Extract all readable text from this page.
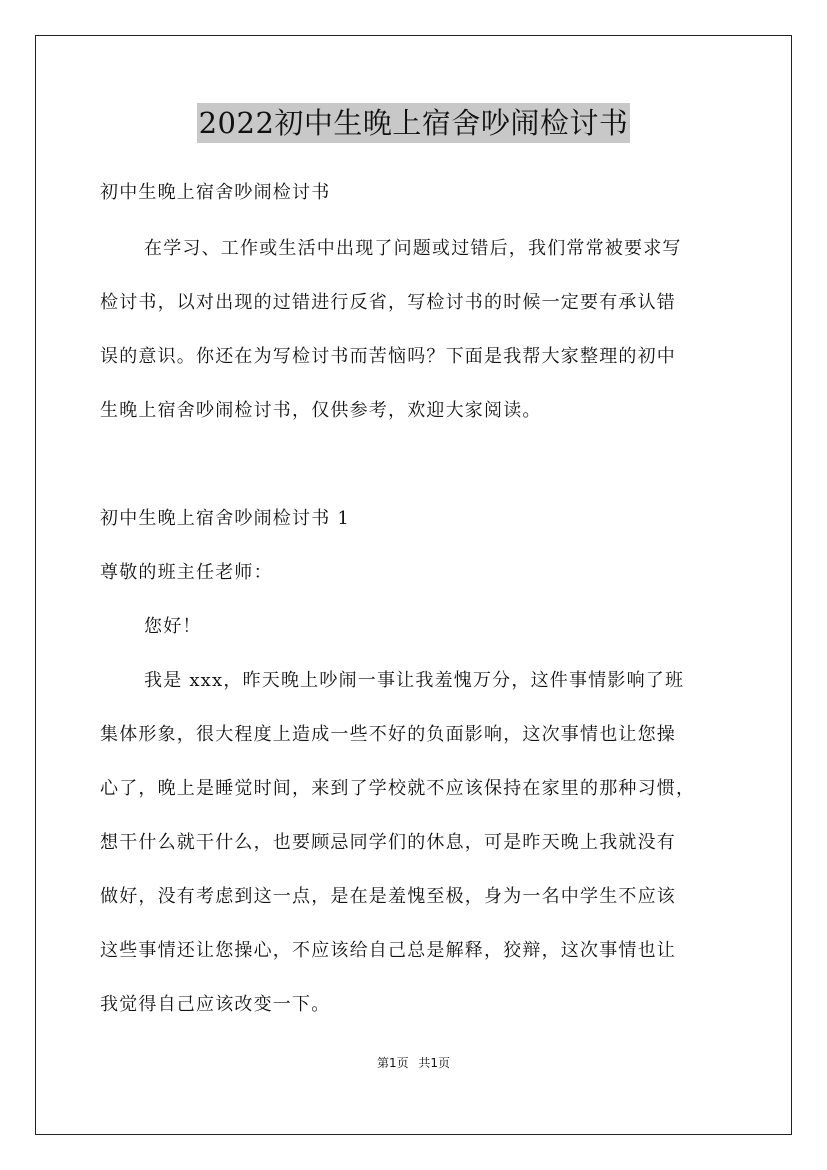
2022初中生晚上宿舍吵闹检讨书
初中生晚上宿舍吵闹检讨书
在学习、工作或生活中出现了问题或过错后，我们常常被要求写
检讨书，以对出现的过错进行反省，写检讨书的时候一定要有承认错
误的意识。你还在为写检讨书而苦恼吗？下面是我帮大家整理的初中
生晚上宿舍吵闹检讨书，仅供参考，欢迎大家阅读。
初中生晚上宿舍吵闹检讨书 1
尊敬的班主任老师：
您好！
我是 xxx，昨天晚上吵闹一事让我羞愧万分，这件事情影响了班
集体形象，很大程度上造成一些不好的负面影响，这次事情也让您操
心了，晚上是睡觉时间，来到了学校就不应该保持在家里的那种习惯，
想干什么就干什么，也要顾忌同学们的休息，可是昨天晚上我就没有
做好，没有考虑到这一点，是在是羞愧至极，身为一名中学生不应该
这些事情还让您操心，不应该给自己总是解释，狡辩，这次事情也让
我觉得自己应该改变一下。
第1页 共1页
